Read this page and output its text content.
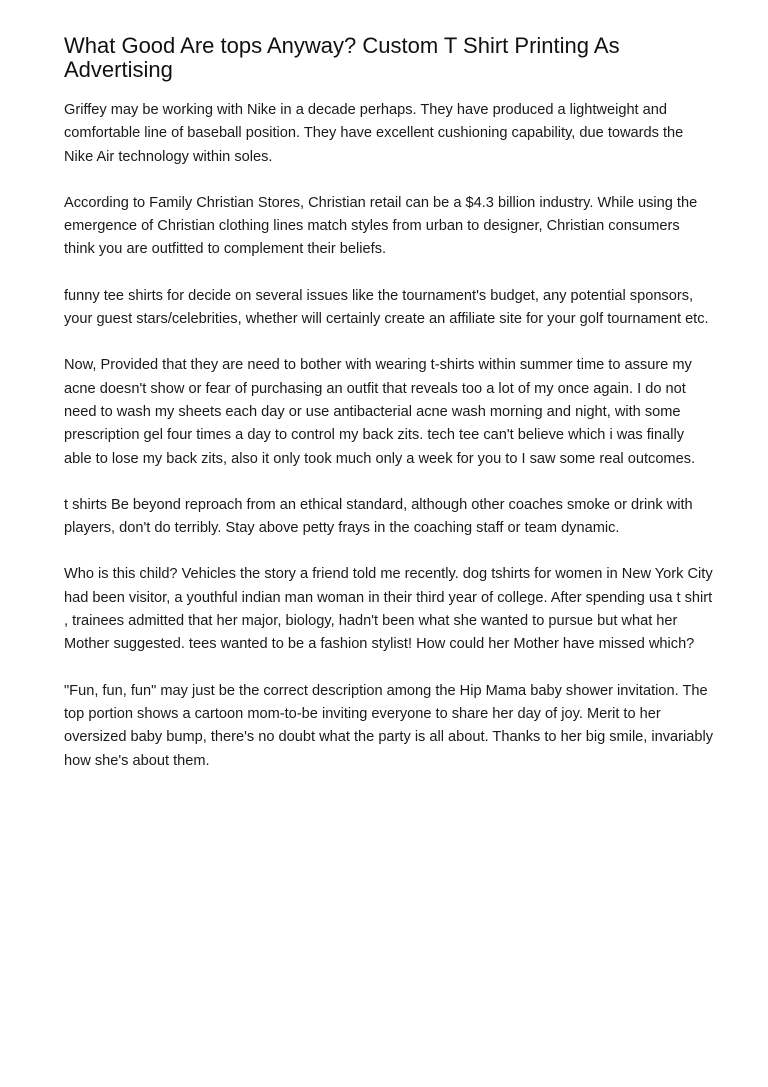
What Good Are tops Anyway? Custom T Shirt Printing As Advertising

Griffey may be working with Nike in a decade perhaps. They have produced a lightweight and comfortable line of baseball position. They have excellent cushioning capability, due towards the Nike Air technology within soles.

According to Family Christian Stores, Christian retail can be a $4.3 billion industry. While using the emergence of Christian clothing lines match styles from urban to designer, Christian consumers think you are outfitted to complement their beliefs.

funny tee shirts for decide on several issues like the tournament's budget, any potential sponsors, your guest stars/celebrities, whether will certainly create an affiliate site for your golf tournament etc.

Now, Provided that they are need to bother with wearing t-shirts within summer time to assure my acne doesn't show or fear of purchasing an outfit that reveals too a lot of my once again. I do not need to wash my sheets each day or use antibacterial acne wash morning and night, with some prescription gel four times a day to control my back zits. tech tee can't believe which i was finally able to lose my back zits, also it only took much only a week for you to I saw some real outcomes.

t shirts Be beyond reproach from an ethical standard, although other coaches smoke or drink with players, don't do terribly. Stay above petty frays in the coaching staff or team dynamic.

Who is this child? Vehicles the story a friend told me recently. dog tshirts for women in New York City had been visitor, a youthful indian man woman in their third year of college. After spending usa t shirt , trainees admitted that her major, biology, hadn't been what she wanted to pursue but what her Mother suggested. tees wanted to be a fashion stylist! How could her Mother have missed which?

"Fun, fun, fun" may just be the correct description among the Hip Mama baby shower invitation. The top portion shows a cartoon mom-to-be inviting everyone to share her day of joy. Merit to her oversized baby bump, there's no doubt what the party is all about. Thanks to her big smile, invariably how she's about them.
